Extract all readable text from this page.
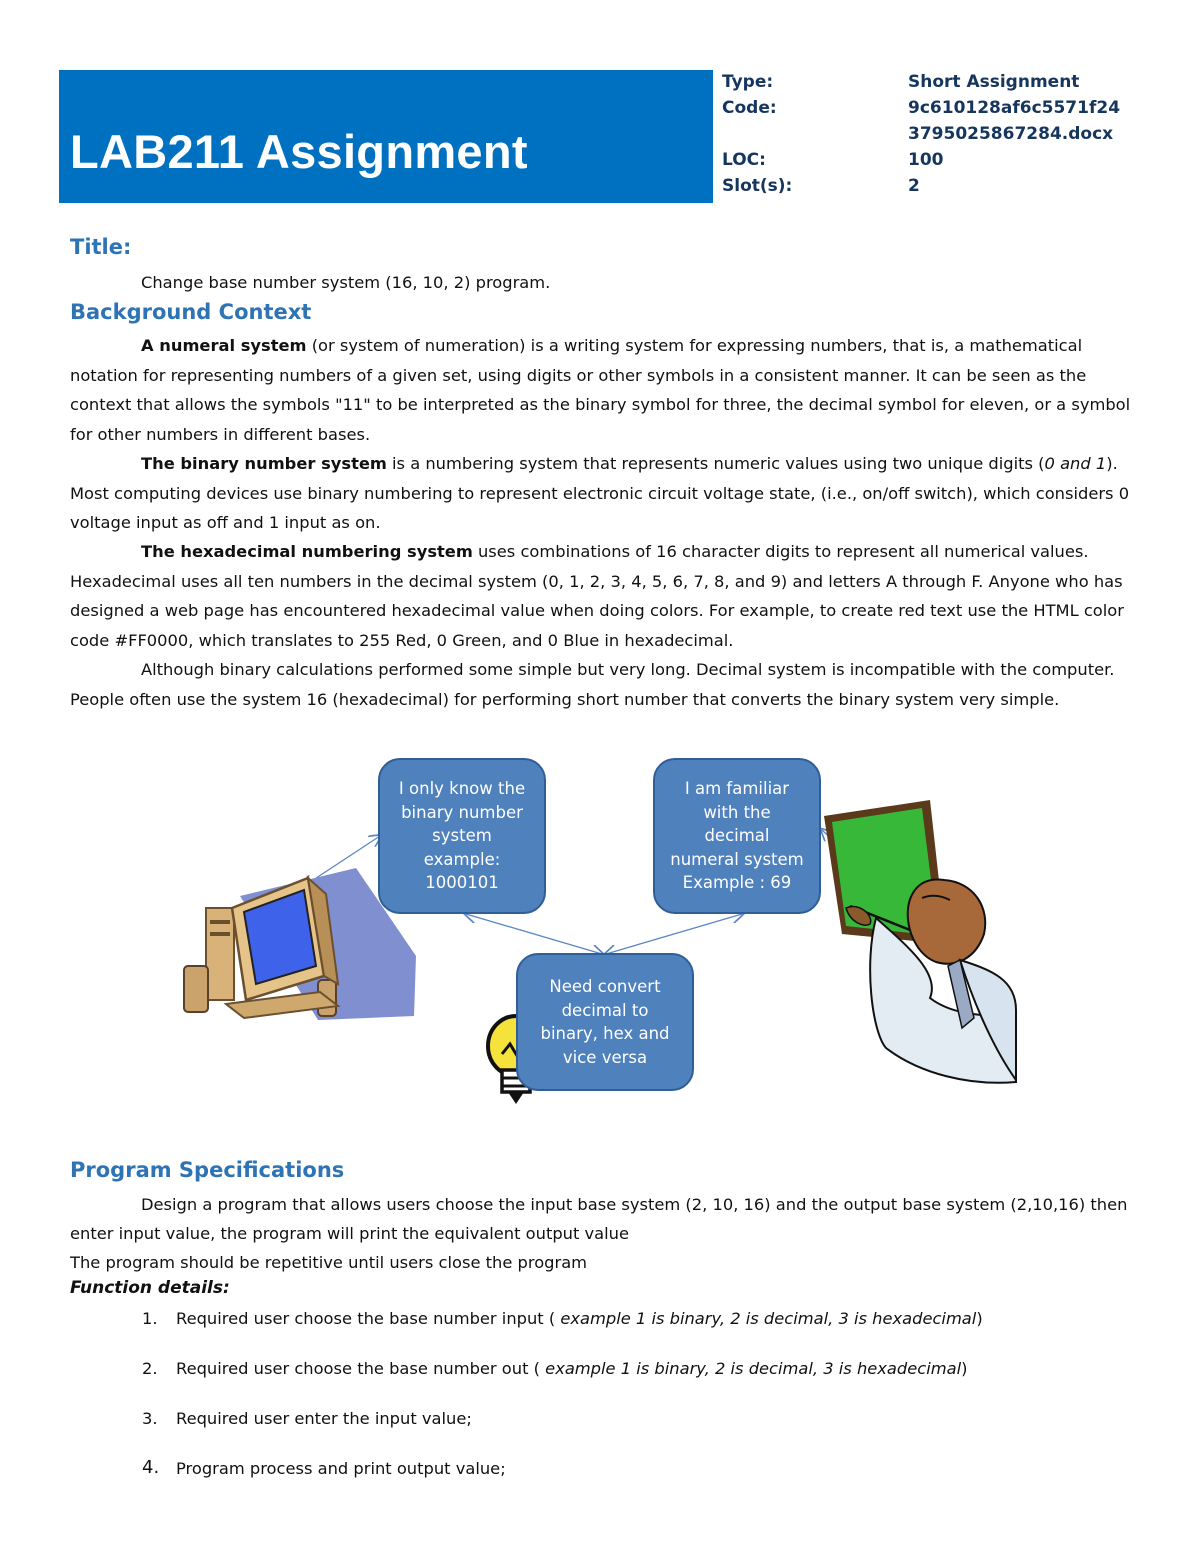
LAB211 Assignment
Type:	Short Assignment
Code:	9c610128af6c5571f24
3795025867284.docx
LOC:	100
Slot(s):	2
Title:
Change base number system (16, 10, 2) program.
Background Context
A numeral system (or system of numeration) is a writing system for expressing numbers, that is, a mathematical notation for representing numbers of a given set, using digits or other symbols in a consistent manner. It can be seen as the context that allows the symbols "11" to be interpreted as the binary symbol for three, the decimal symbol for eleven, or a symbol for other numbers in different bases.
The binary number system is a numbering system that represents numeric values using two unique digits (0 and 1). Most computing devices use binary numbering to represent electronic circuit voltage state, (i.e., on/off switch), which considers 0 voltage input as off and 1 input as on.
The hexadecimal numbering system uses combinations of 16 character digits to represent all numerical values. Hexadecimal uses all ten numbers in the decimal system (0, 1, 2, 3, 4, 5, 6, 7, 8, and 9) and letters A through F. Anyone who has designed a web page has encountered hexadecimal value when doing colors. For example, to create red text use the HTML color code #FF0000, which translates to 255 Red, 0 Green, and 0 Blue in hexadecimal.
Although binary calculations performed some simple but very long. Decimal system is incompatible with the computer. People often use the system 16 (hexadecimal) for performing short number that converts the binary system very simple.
I only know the
binary number
system
example:
1000101
I am familiar
with the
decimal
numeral system
Example : 69
Need convert
decimal to
binary, hex and
vice versa
Program Specifications
Design a program that allows users choose the input base system (2, 10, 16) and the output base system (2,10,16) then enter input value, the program will print the equivalent output value
The program should be repetitive until users close the program
Function details:
1. Required user choose the base number input ( example 1 is binary, 2 is decimal, 3 is hexadecimal)
2. Required user choose the base number out ( example 1 is binary, 2 is decimal, 3 is hexadecimal)
3. Required user enter the input value;
4. Program process and print output value;
